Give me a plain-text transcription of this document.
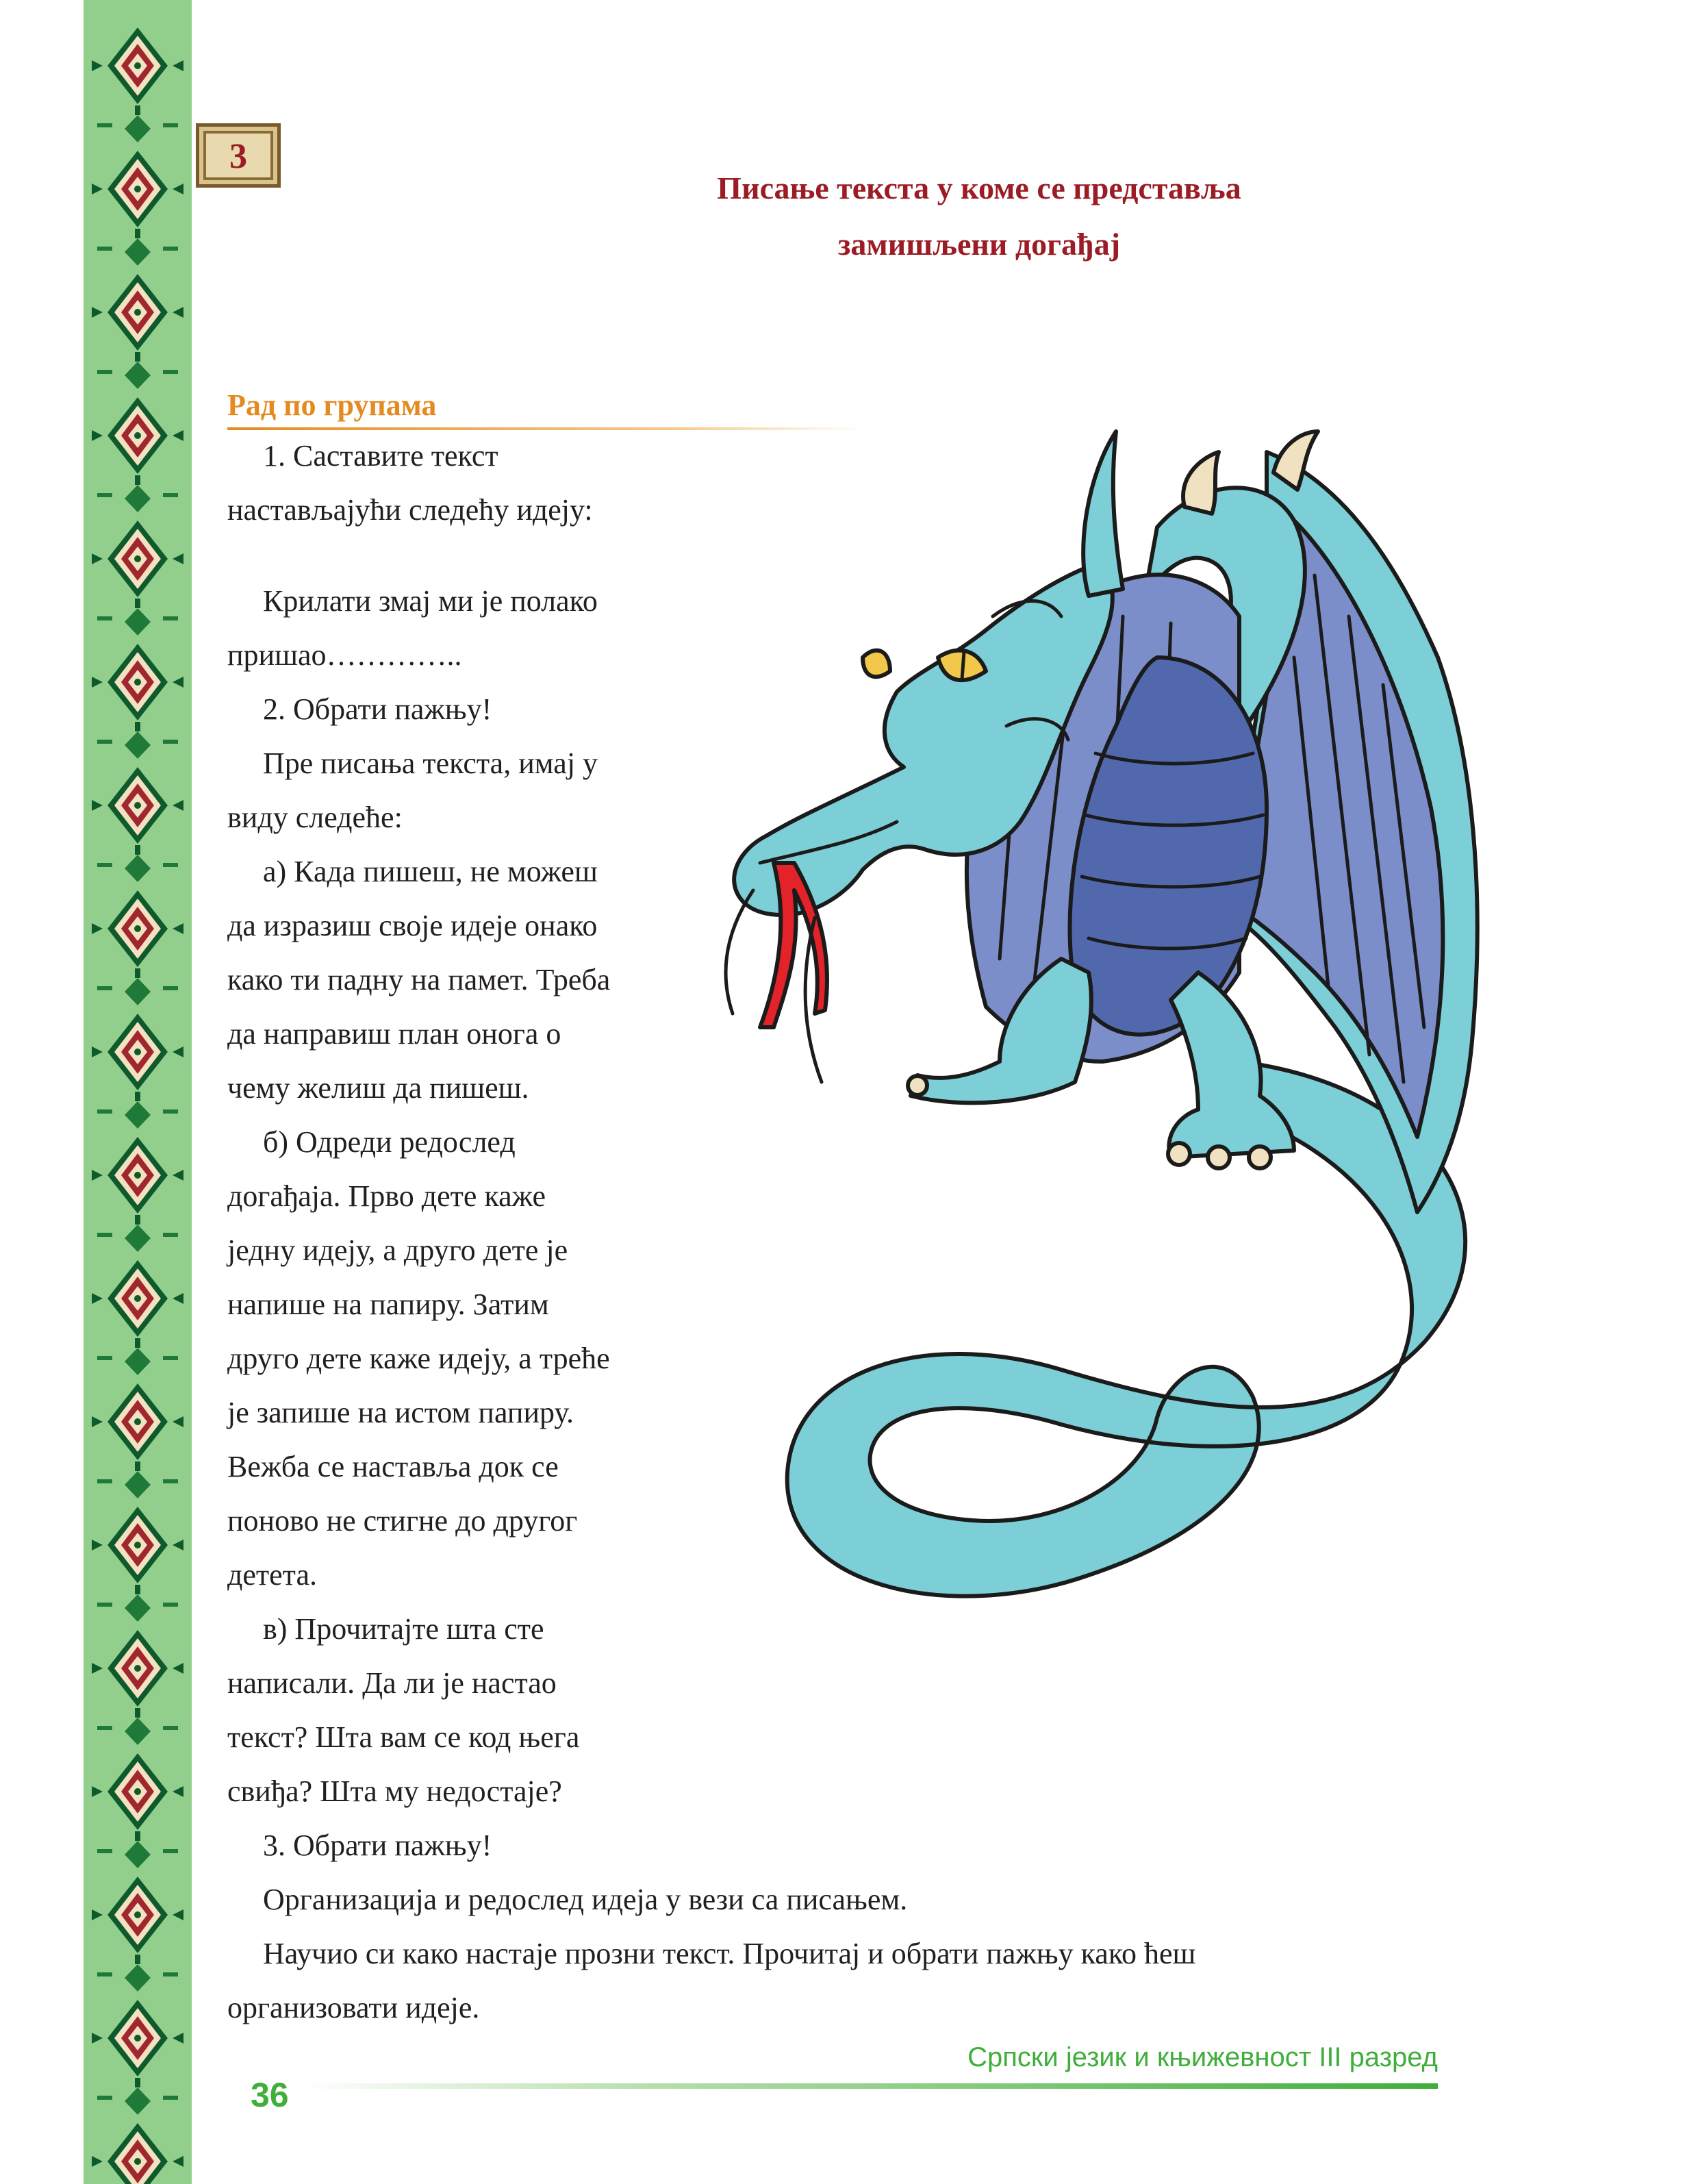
3
Писање текста у коме се представља
замишљени догађај
Рад по групама
1. Саставите текст
настављајући следећу идеју:
Крилати змај ми је полако
пришао…………..
2. Обрати пажњу!
Пре писања текста, имај у
виду следеће:
а) Када пишеш, не можеш
да изразиш своје идеје онако
како ти падну на памет. Треба
да направиш план онога о
чему желиш да пишеш.
б) Одреди редослед
догађаја. Прво дете каже
једну идеју, а друго дете је
напише на папиру. Затим
друго дете каже идеју, а треће
је запише на истом папиру.
Вежба се наставља док се
поново не стигне до другог
детета.
в) Прочитајте шта сте
написали. Да ли је настао
текст? Шта вам се код њега
свиђа? Шта му недостаје?
3. Обрати пажњу!
Организација и редослед идеја у вези са писањем.
Научио си како настаје прозни текст. Прочитај и обрати пажњу како ћеш
организовати идеје.
Српски језик и књижевност III разред
36
